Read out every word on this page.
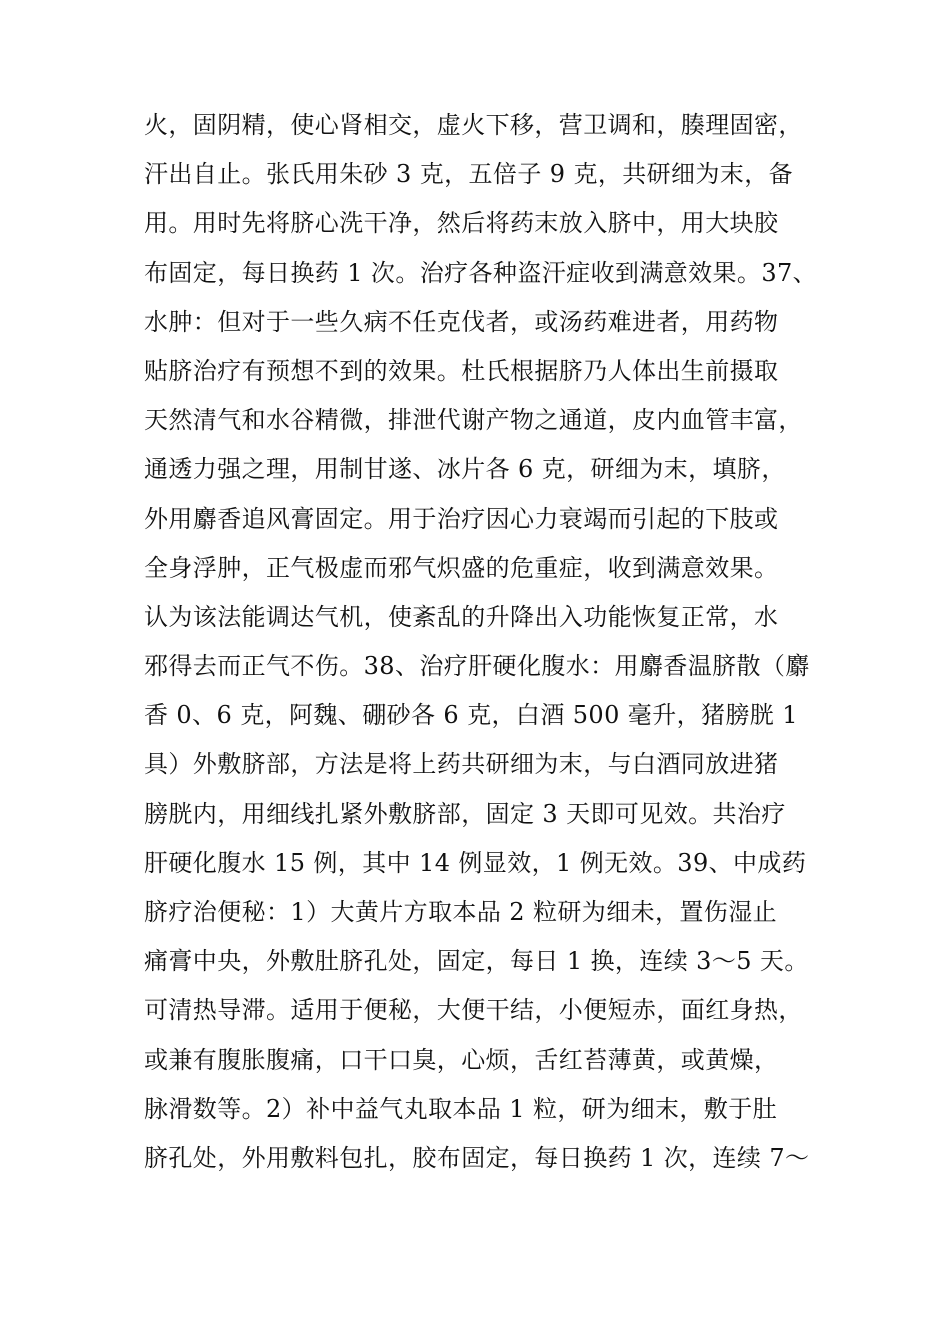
火，固阴精，使心肾相交，虚火下移，营卫调和，腠理固密，
汗出自止。张氏用朱砂 3 克，五倍子 9 克，共研细为末，备
用。用时先将脐心洗干净，然后将药末放入脐中，用大块胶
布固定，每日换药 1 次。治疗各种盗汗症收到满意效果。37、
水肿：但对于一些久病不任克伐者，或汤药难进者，用药物
贴脐治疗有预想不到的效果。杜氏根据脐乃人体出生前摄取
天然清气和水谷精微，排泄代谢产物之通道，皮内血管丰富，
通透力强之理，用制甘遂、冰片各 6 克，研细为末，填脐，
外用麝香追风膏固定。用于治疗因心力衰竭而引起的下肢或
全身浮肿，正气极虚而邪气炽盛的危重症，收到满意效果。
认为该法能调达气机，使紊乱的升降出入功能恢复正常，水
邪得去而正气不伤。38、治疗肝硬化腹水：用麝香温脐散（麝
香 0、6 克，阿魏、硼砂各 6 克，白酒 500 毫升，猪膀胱 1
具）外敷脐部，方法是将上药共研细为末，与白酒同放进猪
膀胱内，用细线扎紧外敷脐部，固定 3 天即可见效。共治疗
肝硬化腹水 15 例，其中 14 例显效，1 例无效。39、中成药
脐疗治便秘：1）大黄片方取本品 2 粒研为细未，置伤湿止
痛膏中央，外敷肚脐孔处，固定，每日 1 换，连续 3～5 天。
可清热导滞。适用于便秘，大便干结，小便短赤，面红身热，
或兼有腹胀腹痛，口干口臭，心烦，舌红苔薄黄，或黄燥，
脉滑数等。2）补中益气丸取本品 1 粒，研为细末，敷于肚
脐孔处，外用敷料包扎，胶布固定，每日换药 1 次，连续 7～
